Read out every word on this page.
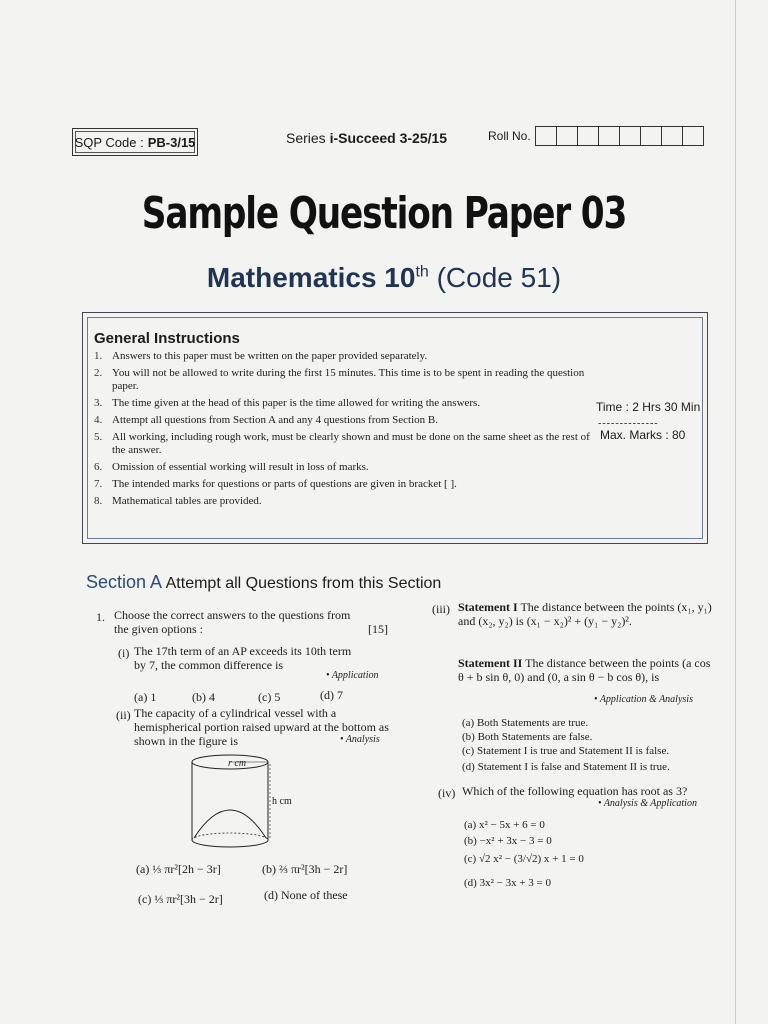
SQP Code : PB-3/15	Series i-Succeed 3-25/15	Roll No.
Sample Question Paper 03
Mathematics 10th (Code 51)
General Instructions
1. Answers to this paper must be written on the paper provided separately.
2. You will not be allowed to write during the first 15 minutes. This time is to be spent in reading the question paper.
3. The time given at the head of this paper is the time allowed for writing the answers.
4. Attempt all questions from Section A and any 4 questions from Section B.
5. All working, including rough work, must be clearly shown and must be done on the same sheet as the rest of the answer.
6. Omission of essential working will result in loss of marks.
7. The intended marks for questions or parts of questions are given in bracket [ ].
8. Mathematical tables are provided.
Time : 2 Hrs 30 Min
--------------
Max. Marks : 80
Section A Attempt all Questions from this Section
1. Choose the correct answers to the questions from the given options :	[15]
(i) The 17th term of an AP exceeds its 10th term by 7, the common difference is
• Application
(a) 1	(b) 4	(c) 5	(d) 7
(ii) The capacity of a cylindrical vessel with a hemispherical portion raised upward at the bottom as shown in the figure is	• Analysis
r cm
h cm
(a) ⅓ πr²[2h − 3r]	(b) ⅔ πr²[3h − 2r]
(c) ⅓ πr²[3h − 2r]	(d) None of these
(iii) Statement I The distance between the points (x₁, y₁) and (x₂, y₂) is (x₁ − x₂)² + (y₁ − y₂)².
Statement II The distance between the points (a cos θ + b sin θ, 0) and (0, a sin θ − b cos θ), is
• Application & Analysis
(a) Both Statements are true.
(b) Both Statements are false.
(c) Statement I is true and Statement II is false.
(d) Statement I is false and Statement II is true.
(iv) Which of the following equation has root as 3?
• Analysis & Application
(a) x² − 5x + 6 = 0
(b) −x² + 3x − 3 = 0
(c) √2 x² − (3/√2) x + 1 = 0
(d) 3x² − 3x + 3 = 0
